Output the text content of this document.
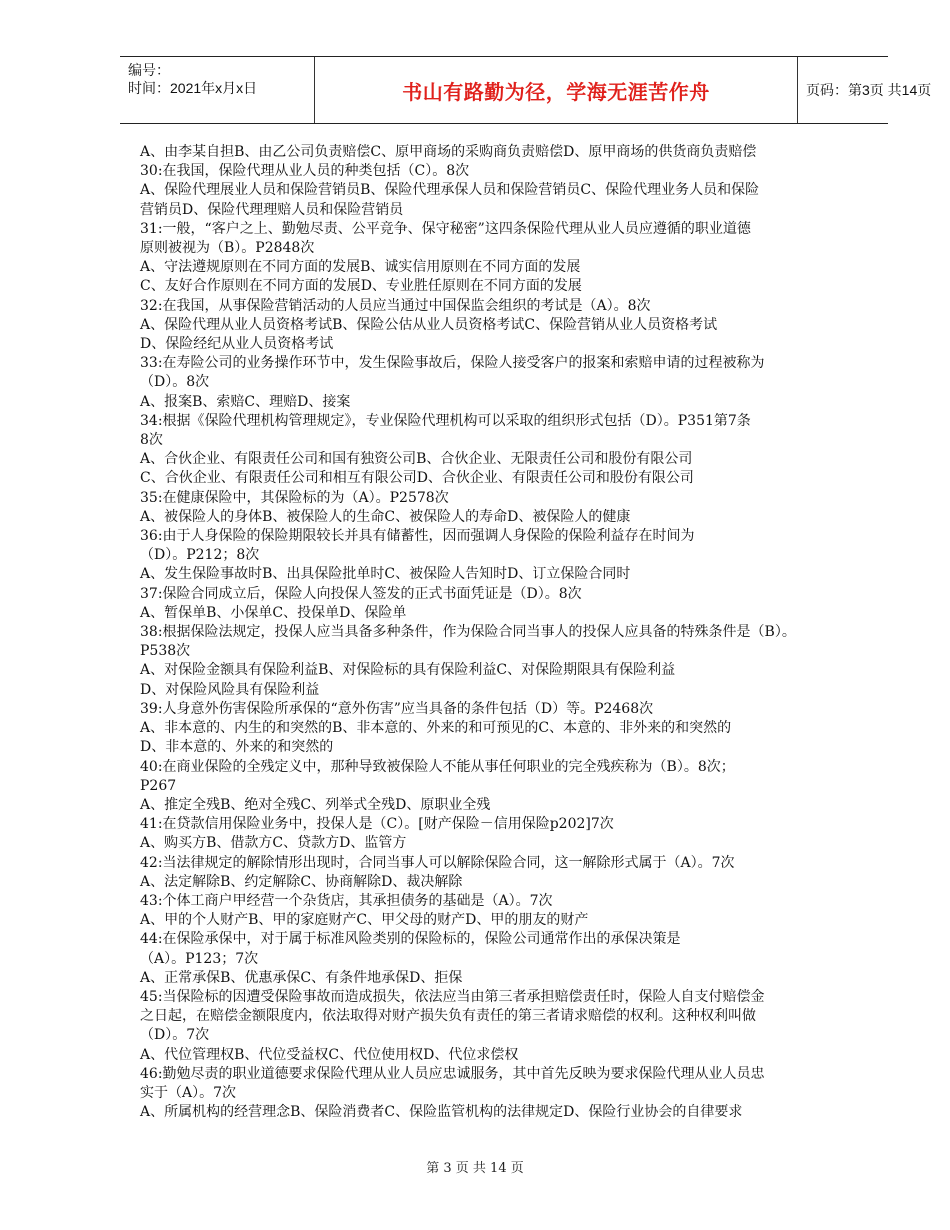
编号：
时间：2021年x月x日	书山有路勤为径，学海无涯苦作舟	页码：第3页 共14页
A、由李某自担B、由乙公司负责赔偿C、原甲商场的采购商负责赔偿D、原甲商场的供货商负责赔偿
30:在我国，保险代理从业人员的种类包括（C）。8次
A、保险代理展业人员和保险营销员B、保险代理承保人员和保险营销员C、保险代理业务人员和保险
营销员D、保险代理理赔人员和保险营销员
31:一般，“客户之上、勤勉尽责、公平竞争、保守秘密”这四条保险代理从业人员应遵循的职业道德
原则被视为（B）。P2848次
A、守法遵规原则在不同方面的发展B、诚实信用原则在不同方面的发展
C、友好合作原则在不同方面的发展D、专业胜任原则在不同方面的发展
32:在我国，从事保险营销活动的人员应当通过中国保监会组织的考试是（A）。8次
A、保险代理从业人员资格考试B、保险公估从业人员资格考试C、保险营销从业人员资格考试
D、保险经纪从业人员资格考试
33:在寿险公司的业务操作环节中，发生保险事故后，保险人接受客户的报案和索赔申请的过程被称为
（D）。8次
A、报案B、索赔C、理赔D、接案
34:根据《保险代理机构管理规定》，专业保险代理机构可以采取的组织形式包括（D）。P351第7条
8次
A、合伙企业、有限责任公司和国有独资公司B、合伙企业、无限责任公司和股份有限公司
C、合伙企业、有限责任公司和相互有限公司D、合伙企业、有限责任公司和股份有限公司
35:在健康保险中，其保险标的为（A）。P2578次
A、被保险人的身体B、被保险人的生命C、被保险人的寿命D、被保险人的健康
36:由于人身保险的保险期限较长并具有储蓄性，因而强调人身保险的保险利益存在时间为
（D）。P212；8次
A、发生保险事故时B、出具保险批单时C、被保险人告知时D、订立保险合同时
37:保险合同成立后，保险人向投保人签发的正式书面凭证是（D）。8次
A、暂保单B、小保单C、投保单D、保险单
38:根据保险法规定，投保人应当具备多种条件，作为保险合同当事人的投保人应具备的特殊条件是（B）。
P538次
A、对保险金额具有保险利益B、对保险标的具有保险利益C、对保险期限具有保险利益
D、对保险风险具有保险利益
39:人身意外伤害保险所承保的“意外伤害”应当具备的条件包括（D）等。P2468次
A、非本意的、内生的和突然的B、非本意的、外来的和可预见的C、本意的、非外来的和突然的
D、非本意的、外来的和突然的
40:在商业保险的全残定义中，那种导致被保险人不能从事任何职业的完全残疾称为（B）。8次；
P267
A、推定全残B、绝对全残C、列举式全残D、原职业全残
41:在贷款信用保险业务中，投保人是（C）。[财产保险－信用保险p202]7次
A、购买方B、借款方C、贷款方D、监管方
42:当法律规定的解除情形出现时，合同当事人可以解除保险合同，这一解除形式属于（A）。7次
A、法定解除B、约定解除C、协商解除D、裁决解除
43:个体工商户甲经营一个杂货店，其承担债务的基础是（A）。7次
A、甲的个人财产B、甲的家庭财产C、甲父母的财产D、甲的朋友的财产
44:在保险承保中，对于属于标准风险类别的保险标的，保险公司通常作出的承保决策是
（A）。P123；7次
A、正常承保B、优惠承保C、有条件地承保D、拒保
45:当保险标的因遭受保险事故而造成损失，依法应当由第三者承担赔偿责任时，保险人自支付赔偿金
之日起，在赔偿金额限度内，依法取得对财产损失负有责任的第三者请求赔偿的权利。这种权利叫做
（D）。7次
A、代位管理权B、代位受益权C、代位使用权D、代位求偿权
46:勤勉尽责的职业道德要求保险代理从业人员应忠诚服务，其中首先反映为要求保险代理从业人员忠
实于（A）。7次
A、所属机构的经营理念B、保险消费者C、保险监管机构的法律规定D、保险行业协会的自律要求
第 3 页 共 14 页
